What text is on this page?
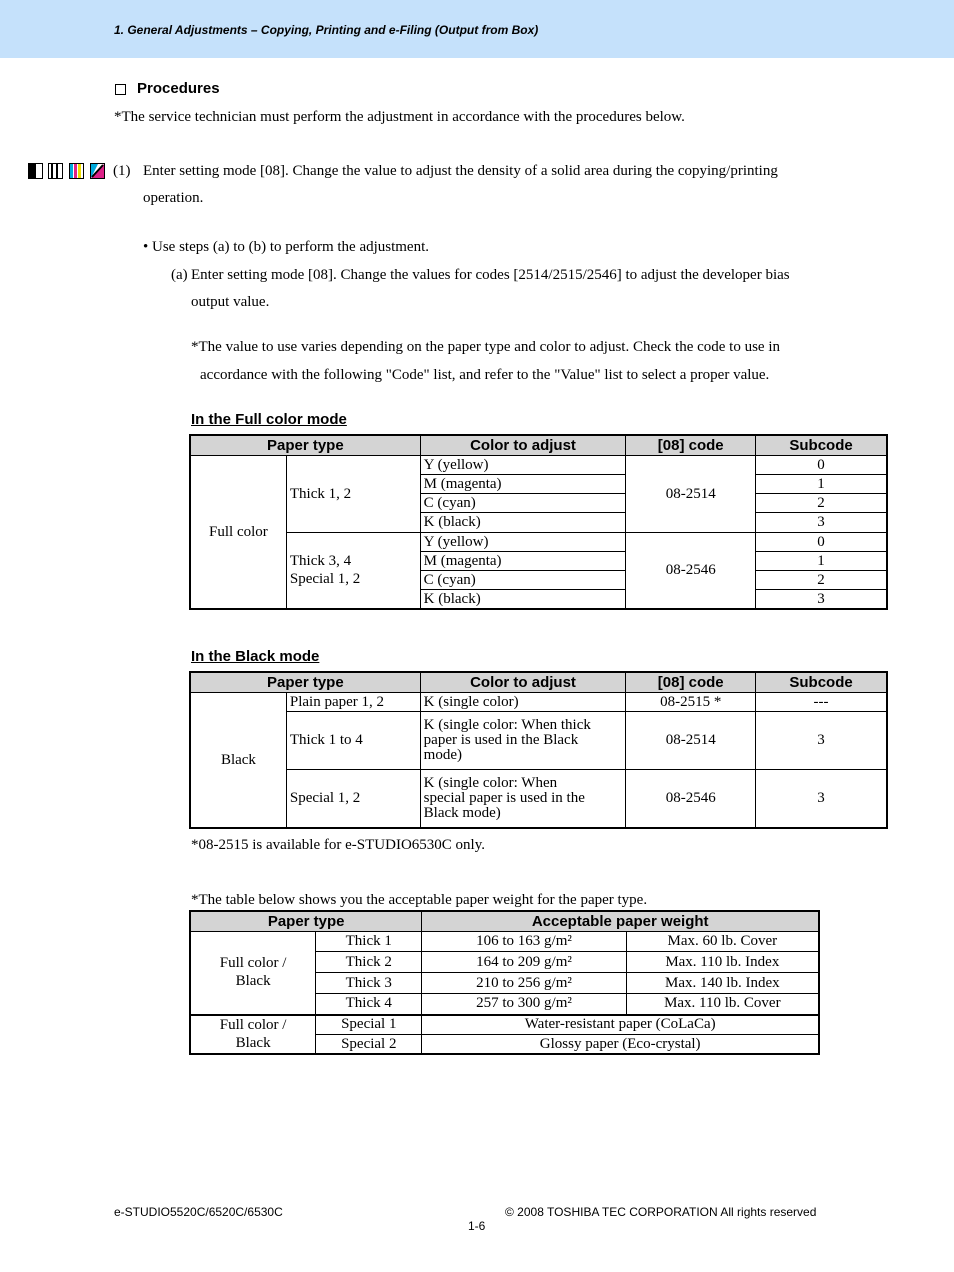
1. General Adjustments – Copying, Printing and e-Filing (Output from Box)
Procedures
*The service technician must perform the adjustment in accordance with the procedures below.
(1) Enter setting mode [08]. Change the value to adjust the density of a solid area during the copying/printing
operation.
• Use steps (a) to (b) to perform the adjustment.
(a) Enter setting mode [08]. Change the values for codes [2514/2515/2546] to adjust the developer bias
output value.
*The value to use varies depending on the paper type and color to adjust. Check the code to use in
accordance with the following "Code" list, and refer to the "Value" list to select a proper value.
In the Full color mode
Paper type		Color to adjust	[08] code	Subcode
Full color	Thick 1, 2	Y (yellow)	08-2514	0
		M (magenta)		1
		C (cyan)		2
		K (black)		3

	Thick 3, 4
Special 1, 2	Y (yellow)	08-2546	0
		M (magenta)		1
		C (cyan)		2
		K (black)		3
In the Black mode
Paper type		Color to adjust	[08] code	Subcode
Black	Plain paper 1, 2	K (single color)	08-2515 *	---
	Thick 1 to 4	K (single color: When thick
paper is used in the Black
mode)	08-2514	3
	Special 1, 2	K (single color: When
special paper is used in the
Black mode)	08-2546	3
*08-2515 is available for e-STUDIO6530C only.
*The table below shows you the acceptable paper weight for the paper type.
Paper type		Acceptable paper weight	

Full color /
Black	Thick 1	106 to 163 g/m²	Max. 60 lb. Cover
	Thick 2	164 to 209 g/m²	Max. 110 lb. Index
	Thick 3	210 to 256 g/m²	Max. 140 lb. Index
	Thick 4	257 to 300 g/m²	Max. 110 lb. Cover

Full color /
Black	Special 1	Water-resistant paper (CoLaCa)	
	Special 2	Glossy paper (Eco-crystal)	
e-STUDIO5520C/6520C/6530C	© 2008 TOSHIBA TEC CORPORATION All rights reserved
1-6
